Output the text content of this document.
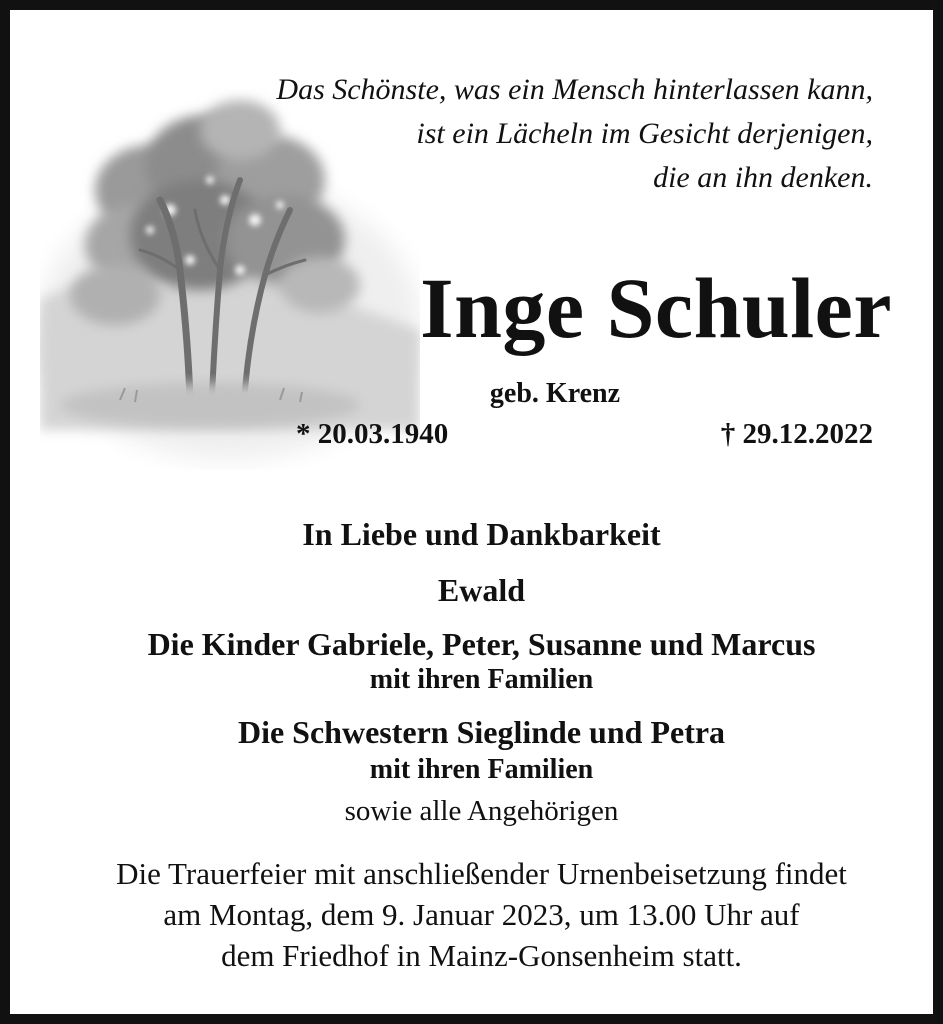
Das Schönste, was ein Mensch hinterlassen kann,
ist ein Lächeln im Gesicht derjenigen,
die an ihn denken.
Inge Schuler
geb. Krenz
* 20.03.1940	† 29.12.2022
In Liebe und Dankbarkeit
Ewald
Die Kinder Gabriele, Peter, Susanne und Marcus
mit ihren Familien
Die Schwestern Sieglinde und Petra
mit ihren Familien
sowie alle Angehörigen
Die Trauerfeier mit anschließender Urnenbeisetzung findet
am Montag, dem 9. Januar 2023, um 13.00 Uhr auf
dem Friedhof in Mainz-Gonsenheim statt.
